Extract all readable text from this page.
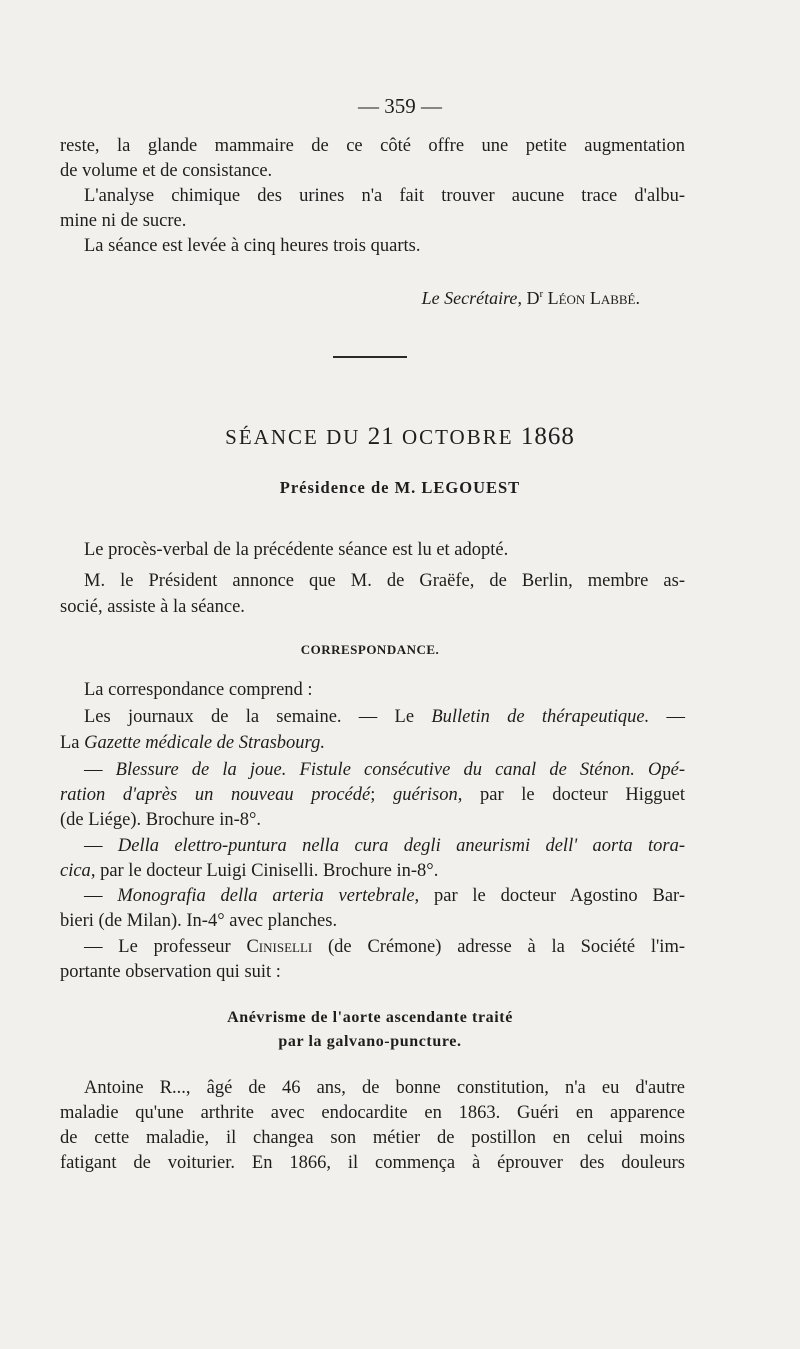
— 359 —
reste, la glande mammaire de ce côté offre une petite augmentation
de volume et de consistance.
L'analyse chimique des urines n'a fait trouver aucune trace d'albu-
mine ni de sucre.
La séance est levée à cinq heures trois quarts.
Le Secrétaire, $D^r$ Léon Labbé.
SÉANCE DU 21 OCTOBRE 1868
Présidence de M. LEGOUEST
Le procès-verbal de la précédente séance est lu et adopté.
M. le Président annonce que M. de Graëfe, de Berlin, membre as-
socié, assiste à la séance.
CORRESPONDANCE.
La correspondance comprend :
Les journaux de la semaine. — Le Bulletin de thérapeutique. —
La Gazette médicale de Strasbourg.
— Blessure de la joue. Fistule consécutive du canal de Sténon. Opé-
ration d'après un nouveau procédé; guérison, par le docteur Higguet
(de Liége). Brochure in-8°.
— Della elettro-puntura nella cura degli aneurismi dell' aorta tora-
cica, par le docteur Luigi Ciniselli. Brochure in-8°.
— Monografia della arteria vertebrale, par le docteur Agostino Bar-
bieri (de Milan). In-4° avec planches.
— Le professeur Ciniselli (de Crémone) adresse à la Société l'im-
portante observation qui suit :
Anévrisme de l'aorte ascendante traité
par la galvano-puncture.
Antoine R..., âgé de 46 ans, de bonne constitution, n'a eu d'autre
maladie qu'une arthrite avec endocardite en 1863. Guéri en apparence
de cette maladie, il changea son métier de postillon en celui moins
fatigant de voiturier. En 1866, il commença à éprouver des douleurs
